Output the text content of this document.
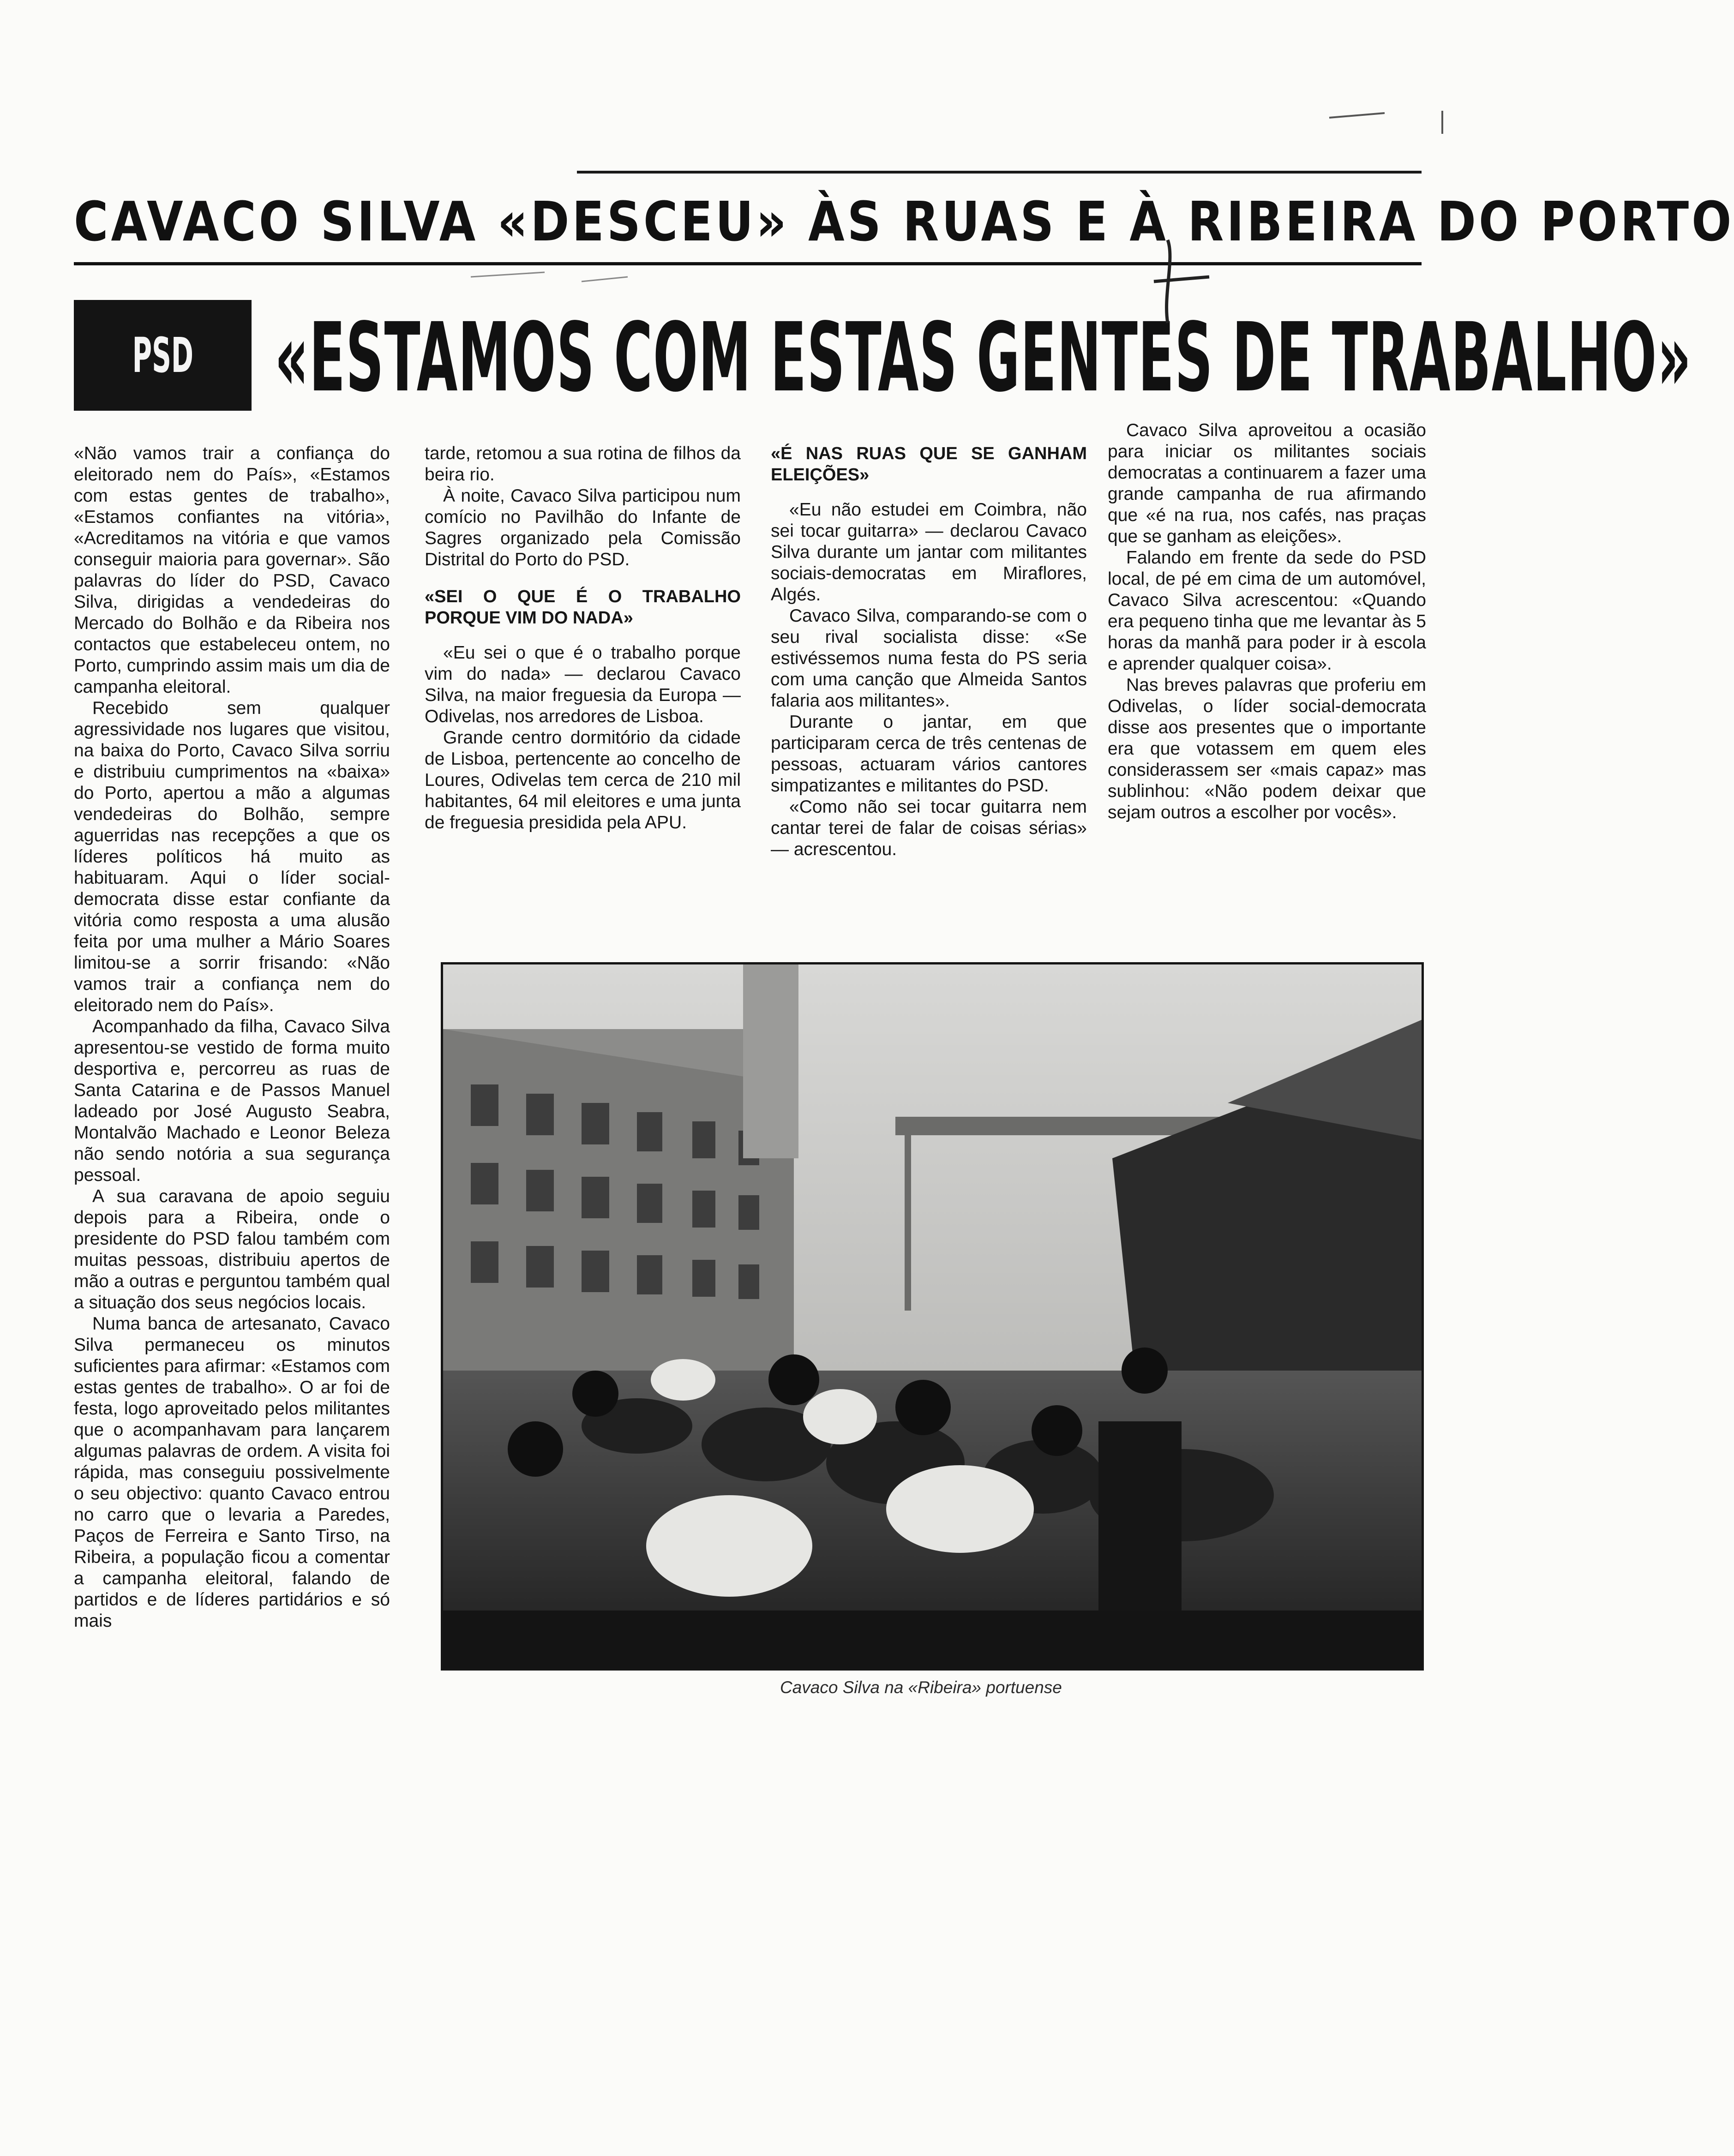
CAVACO SILVA «DESCEU» ÀS RUAS E À RIBEIRA DO PORTO
PSD «ESTAMOS COM ESTAS GENTES DE TRABALHO»

«Não vamos trair a confiança do eleitorado nem do País», «Estamos com estas gentes de trabalho», «Estamos confiantes na vitória», «Acreditamos na vitória e que vamos conseguir maioria para governar». São palavras do líder do PSD, Cavaco Silva, dirigidas a vendedeiras do Mercado do Bolhão e da Ribeira nos contactos que estabeleceu ontem, no Porto, cumprindo assim mais um dia de campanha eleitoral.

Recebido sem qualquer agressividade nos lugares que visitou, na baixa do Porto, Cavaco Silva sorriu e distribuiu cumprimentos na «baixa» do Porto, apertou a mão a algumas vendedeiras do Bolhão, sempre aguerridas nas recepções a que os líderes políticos há muito as habituaram. Aqui o líder social-democrata disse estar confiante da vitória como resposta a uma alusão feita por uma mulher a Mário Soares limitou-se a sorrir frisando: «Não vamos trair a confiança nem do eleitorado nem do País».

Acompanhado da filha, Cavaco Silva apresentou-se vestido de forma muito desportiva e, percorreu as ruas de Santa Catarina e de Passos Manuel ladeado por José Augusto Seabra, Montalvão Machado e Leonor Beleza não sendo notória a sua segurança pessoal.

A sua caravana de apoio seguiu depois para a Ribeira, onde o presidente do PSD falou também com muitas pessoas, distribuiu apertos de mão a outras e perguntou também qual a situação dos seus negócios locais.

Numa banca de artesanato, Cavaco Silva permaneceu os minutos suficientes para afirmar: «Estamos com estas gentes de trabalho». O ar foi de festa, logo aproveitado pelos militantes que o acompanhavam para lançarem algumas palavras de ordem. A visita foi rápida, mas conseguiu possivelmente o seu objectivo: quanto Cavaco entrou no carro que o levaria a Paredes, Paços de Ferreira e Santo Tirso, na Ribeira, a população ficou a comentar a campanha eleitoral, falando de partidos e de líderes partidários e só mais

tarde, retomou a sua rotina de filhos da beira rio.

À noite, Cavaco Silva participou num comício no Pavilhão do Infante de Sagres organizado pela Comissão Distrital do Porto do PSD.

«SEI O QUE É O TRABALHO PORQUE VIM DO NADA»

«Eu sei o que é o trabalho porque vim do nada» — declarou Cavaco Silva, na maior freguesia da Europa — Odivelas, nos arredores de Lisboa.

Grande centro dormitório da cidade de Lisboa, pertencente ao concelho de Loures, Odivelas tem cerca de 210 mil habitantes, 64 mil eleitores e uma junta de freguesia presidida pela APU.

«É NAS RUAS QUE SE GANHAM ELEIÇÕES»

«Eu não estudei em Coimbra, não sei tocar guitarra» — declarou Cavaco Silva durante um jantar com militantes sociais-democratas em Miraflores, Algés.

Cavaco Silva, comparando-se com o seu rival socialista disse: «Se estivéssemos numa festa do PS seria com uma canção que Almeida Santos falaria aos militantes».

Durante o jantar, em que participaram cerca de três centenas de pessoas, actuaram vários cantores simpatizantes e militantes do PSD.

«Como não sei tocar guitarra nem cantar terei de falar de coisas sérias» — acrescentou.

Cavaco Silva aproveitou a ocasião para iniciar os militantes sociais democratas a continuarem a fazer uma grande campanha de rua afirmando que «é na rua, nos cafés, nas praças que se ganham as eleições».

Falando em frente da sede do PSD local, de pé em cima de um automóvel, Cavaco Silva acrescentou: «Quando era pequeno tinha que me levantar às 5 horas da manhã para poder ir à escola e aprender qualquer coisa».

Nas breves palavras que proferiu em Odivelas, o líder social-democrata disse aos presentes que o importante era que votassem em quem eles considerassem ser «mais capaz» mas sublinhou: «Não podem deixar que sejam outros a escolher por vocês».

Cavaco Silva na «Ribeira» portuense
